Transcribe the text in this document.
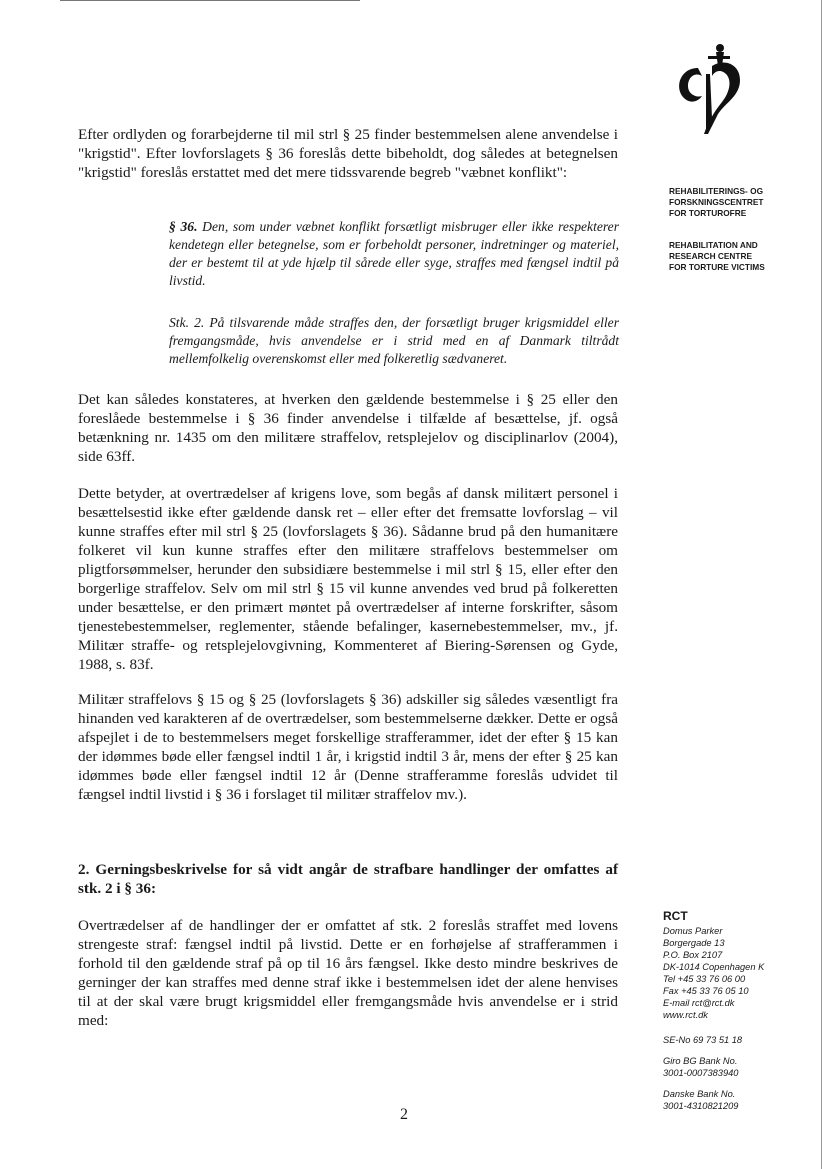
REHABILITERINGS- OG
FORSKNINGSCENTRET
FOR TORTUROFRE
REHABILITATION AND
RESEARCH CENTRE
FOR TORTURE VICTIMS

Efter ordlyden og forarbejderne til mil strl § 25 finder bestemmelsen alene anvendelse i "krigstid". Efter lovforslagets § 36 foreslås dette bibeholdt, dog således at betegnelsen "krigstid" foreslås erstattet med det mere tidssvarende begreb "væbnet konflikt":

§ 36. Den, som under væbnet konflikt forsætligt misbruger eller ikke respekterer kendetegn eller betegnelse, som er forbeholdt personer, indretninger og materiel, der er bestemt til at yde hjælp til sårede eller syge, straffes med fængsel indtil på livstid.

Stk. 2. På tilsvarende måde straffes den, der forsætligt bruger krigsmiddel eller fremgangsmåde, hvis anvendelse er i strid med en af Danmark tiltrådt mellemfolkelig overenskomst eller med folkeretlig sædvaneret.

Det kan således konstateres, at hverken den gældende bestemmelse i § 25 eller den foreslåede bestemmelse i § 36 finder anvendelse i tilfælde af besættelse, jf. også betænkning nr. 1435 om den militære straffelov, retsplejelov og disciplinarlov (2004), side 63ff.

Dette betyder, at overtrædelser af krigens love, som begås af dansk militært personel i besættelsestid ikke efter gældende dansk ret – eller efter det fremsatte lovforslag – vil kunne straffes efter mil strl § 25 (lovforslagets § 36). Sådanne brud på den humanitære folkeret vil kun kunne straffes efter den militære straffelovs bestemmelser om pligtforsømmelser, herunder den subsidiære bestemmelse i mil strl § 15, eller efter den borgerlige straffelov. Selv om mil strl § 15 vil kunne anvendes ved brud på folkeretten under besættelse, er den primært møntet på overtrædelser af interne forskrifter, såsom tjenestebestemmelser, reglementer, stående befalinger, kasernebestemmelser, mv., jf. Militær straffe- og retsplejelovgivning, Kommenteret af Biering-Sørensen og Gyde, 1988, s. 83f.

Militær straffelovs § 15 og § 25 (lovforslagets § 36) adskiller sig således væsentligt fra hinanden ved karakteren af de overtrædelser, som bestemmelserne dækker. Dette er også afspejlet i de to bestemmelsers meget forskellige strafferammer, idet der efter § 15 kan der idømmes bøde eller fængsel indtil 1 år, i krigstid indtil 3 år, mens der efter § 25 kan idømmes bøde eller fængsel indtil 12 år (Denne strafferamme foreslås udvidet til fængsel indtil livstid i § 36 i forslaget til militær straffelov mv.).

2. Gerningsbeskrivelse for så vidt angår de strafbare handlinger der omfattes af stk. 2 i § 36:

Overtrædelser af de handlinger der er omfattet af stk. 2 foreslås straffet med lovens strengeste straf: fængsel indtil på livstid. Dette er en forhøjelse af strafferammen i forhold til den gældende straf på op til 16 års fængsel. Ikke desto mindre beskrives de gerninger der kan straffes med denne straf ikke i bestemmelsen idet der alene henvises til at der skal være brugt krigsmiddel eller fremgangsmåde hvis anvendelse er i strid med:

RCT
Domus Parker
Borgergade 13
P.O. Box 2107
DK-1014 Copenhagen K
Tel +45 33 76 06 00
Fax +45 33 76 05 10
E-mail rct@rct.dk
www.rct.dk
SE-No 69 73 51 18
Giro BG Bank No.
3001-0007383940
Danske Bank No.
3001-4310821209
2
